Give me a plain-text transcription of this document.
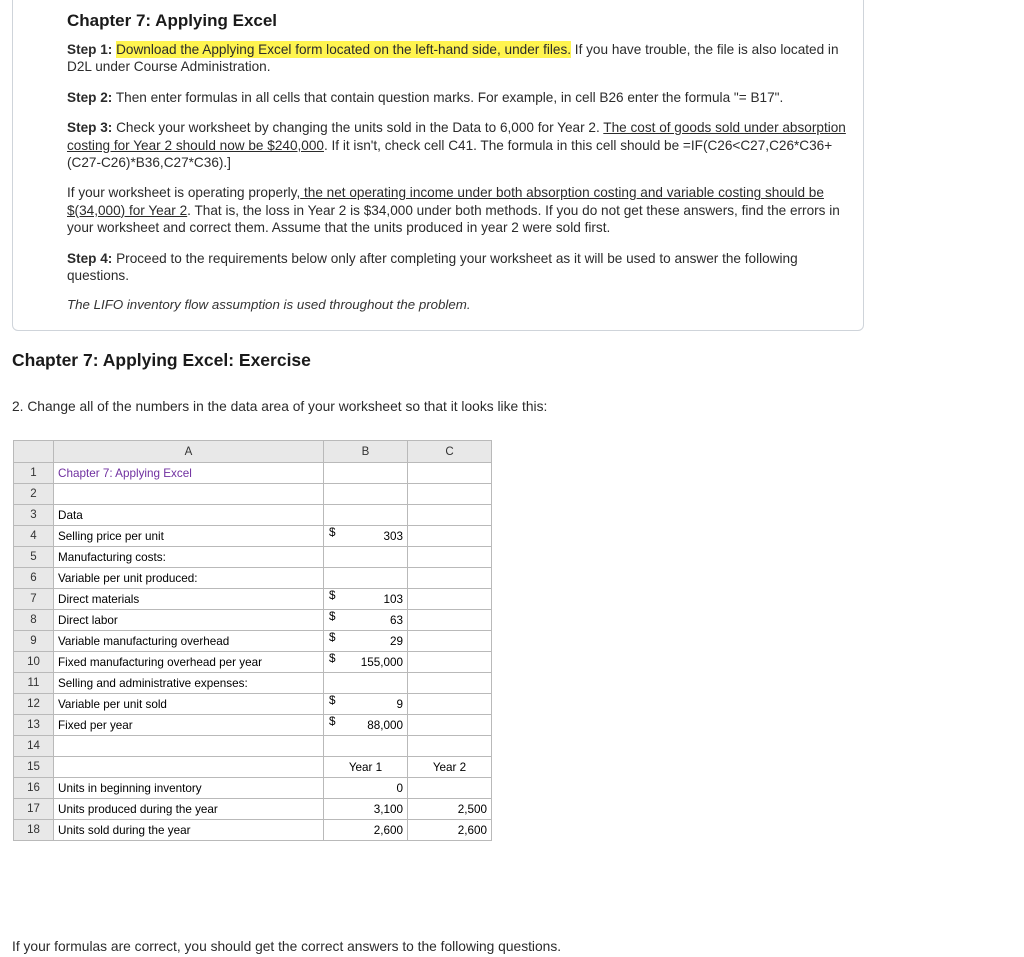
Chapter 7: Applying Excel

Step 1: Download the Applying Excel form located on the left-hand side, under files. If you have trouble, the file is also located in D2L under Course Administration.

Step 2: Then enter formulas in all cells that contain question marks. For example, in cell B26 enter the formula "= B17".

Step 3: Check your worksheet by changing the units sold in the Data to 6,000 for Year 2. The cost of goods sold under absorption costing for Year 2 should now be $240,000. If it isn't, check cell C41. The formula in this cell should be =IF(C26<C27,C26*C36+(C27-C26)*B36,C27*C36).]

If your worksheet is operating properly, the net operating income under both absorption costing and variable costing should be $(34,000) for Year 2. That is, the loss in Year 2 is $34,000 under both methods. If you do not get these answers, find the errors in your worksheet and correct them. Assume that the units produced in year 2 were sold first.

Step 4: Proceed to the requirements below only after completing your worksheet as it will be used to answer the following questions.

The LIFO inventory flow assumption is used throughout the problem.

Chapter 7: Applying Excel: Exercise
2. Change all of the numbers in the data area of your worksheet so that it looks like this:
	A	B	C
1	Chapter 7: Applying Excel		
2			
3	Data		
4	Selling price per unit	$ 303	
5	Manufacturing costs:		
6	Variable per unit produced:		
7	Direct materials	$ 103	
8	Direct labor	$ 63	
9	Variable manufacturing overhead	$ 29	
10	Fixed manufacturing overhead per year	$ 155,000	
11	Selling and administrative expenses:		
12	Variable per unit sold	$ 9	
13	Fixed per year	$ 88,000	
14			
15		Year 1	Year 2
16	Units in beginning inventory	0	
17	Units produced during the year	3,100	2,500
18	Units sold during the year	2,600	2,600
If your formulas are correct, you should get the correct answers to the following questions.
